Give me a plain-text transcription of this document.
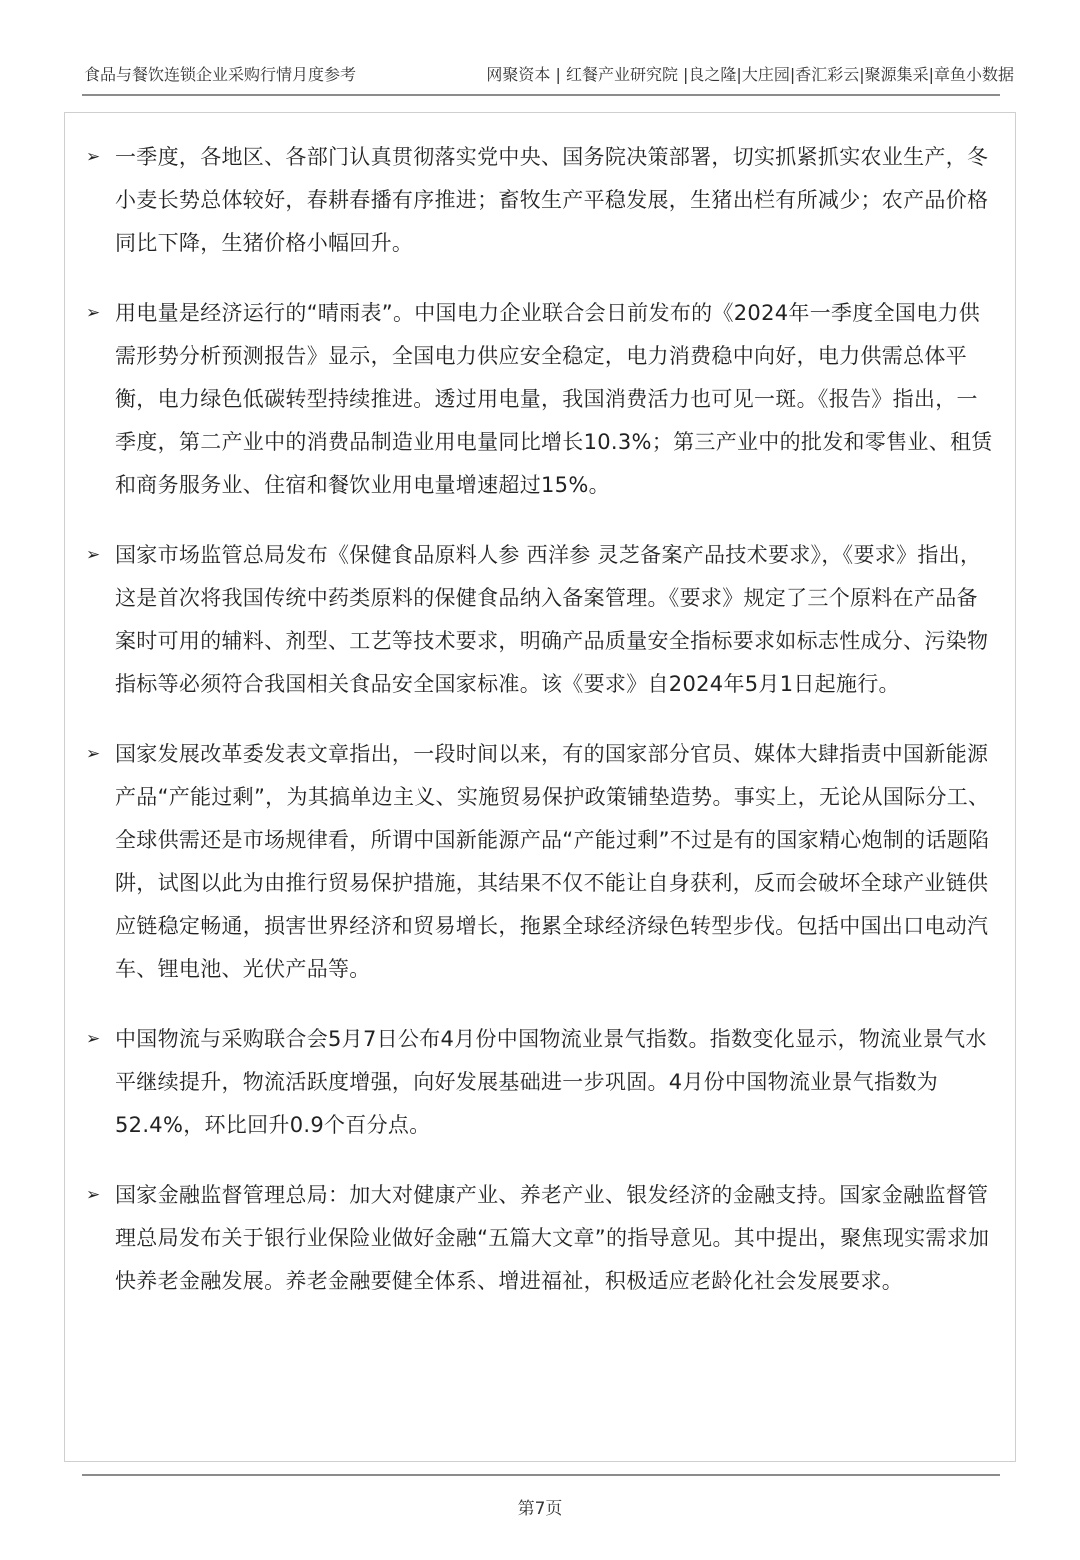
食品与餐饮连锁企业采购行情月度参考	网聚资本 | 红餐产业研究院 |良之隆|大庄园|香汇彩云|聚源集采|章鱼小数据
➢ 一季度，各地区、各部门认真贯彻落实党中央、国务院决策部署，切实抓紧抓实农业生产，冬小麦长势总体较好，春耕春播有序推进；畜牧生产平稳发展，生猪出栏有所减少；农产品价格同比下降，生猪价格小幅回升。
➢ 用电量是经济运行的“晴雨表”。中国电力企业联合会日前发布的《2024年一季度全国电力供需形势分析预测报告》显示，全国电力供应安全稳定，电力消费稳中向好，电力供需总体平衡，电力绿色低碳转型持续推进。透过用电量，我国消费活力也可见一斑。《报告》指出，一季度，第二产业中的消费品制造业用电量同比增长10.3%；第三产业中的批发和零售业、租赁和商务服务业、住宿和餐饮业用电量增速超过15%。
➢ 国家市场监管总局发布《保健食品原料人参 西洋参 灵芝备案产品技术要求》，《要求》指出，这是首次将我国传统中药类原料的保健食品纳入备案管理。《要求》规定了三个原料在产品备案时可用的辅料、剂型、工艺等技术要求，明确产品质量安全指标要求如标志性成分、污染物指标等必须符合我国相关食品安全国家标准。该《要求》自2024年5月1日起施行。
➢ 国家发展改革委发表文章指出，一段时间以来，有的国家部分官员、媒体大肆指责中国新能源产品“产能过剩”，为其搞单边主义、实施贸易保护政策铺垫造势。事实上，无论从国际分工、全球供需还是市场规律看，所谓中国新能源产品“产能过剩”不过是有的国家精心炮制的话题陷阱，试图以此为由推行贸易保护措施，其结果不仅不能让自身获利，反而会破坏全球产业链供应链稳定畅通，损害世界经济和贸易增长，拖累全球经济绿色转型步伐。包括中国出口电动汽车、锂电池、光伏产品等。
➢ 中国物流与采购联合会5月7日公布4月份中国物流业景气指数。指数变化显示，物流业景气水平继续提升，物流活跃度增强，向好发展基础进一步巩固。4月份中国物流业景气指数为52.4%，环比回升0.9个百分点。
➢ 国家金融监督管理总局：加大对健康产业、养老产业、银发经济的金融支持。国家金融监督管理总局发布关于银行业保险业做好金融“五篇大文章”的指导意见。其中提出，聚焦现实需求加快养老金融发展。养老金融要健全体系、增进福祉，积极适应老龄化社会发展要求。
第7页
